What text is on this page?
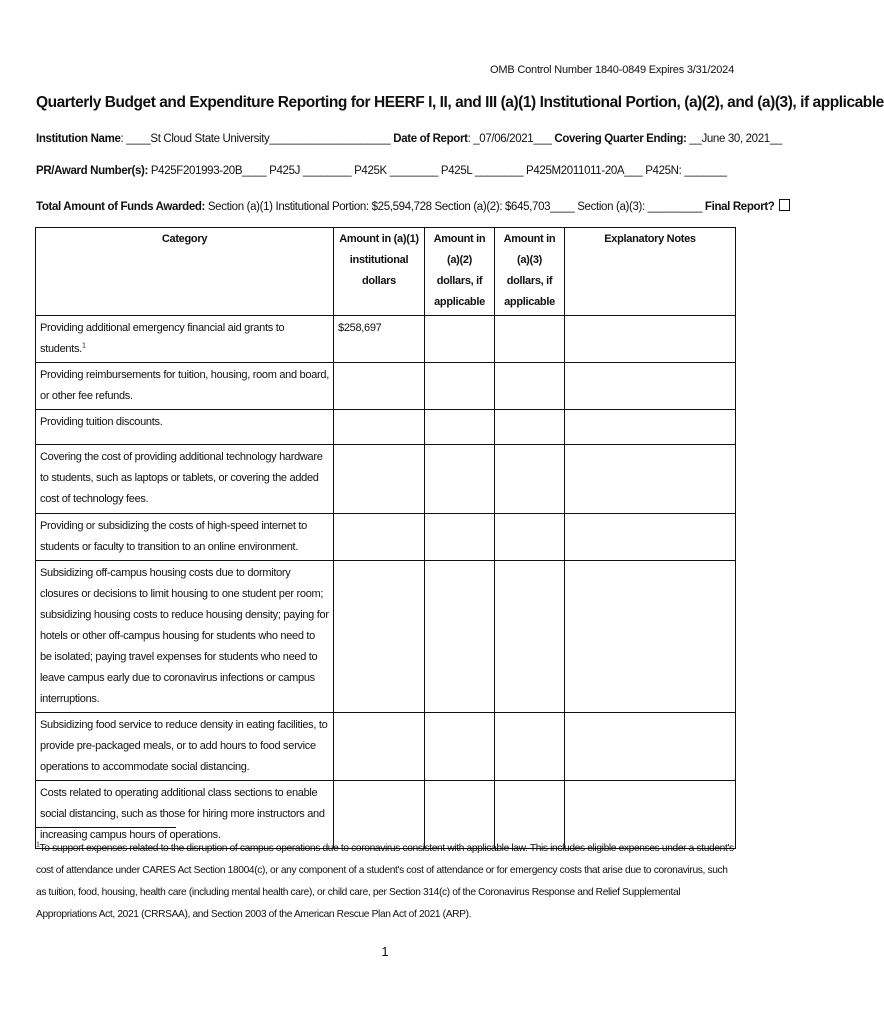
OMB Control Number 1840-0849 Expires 3/31/2024
Quarterly Budget and Expenditure Reporting for HEERF I, II, and III (a)(1) Institutional Portion, (a)(2), and (a)(3), if applicable
Institution Name: ____St Cloud State University____________________ Date of Report: _07/06/2021___ Covering Quarter Ending: __June 30, 2021__
PR/Award Number(s): P425F201993-20B____ P425J ________ P425K ________ P425L ________ P425M2011011-20A___ P425N: _______
Total Amount of Funds Awarded: Section (a)(1) Institutional Portion: $25,594,728 Section (a)(2): $645,703____ Section (a)(3): _________ Final Report?
Category	Amount in (a)(1) institutional dollars	Amount in (a)(2) dollars, if applicable	Amount in (a)(3) dollars, if applicable	Explanatory Notes
Providing additional emergency financial aid grants to students.$^1$	$258,697			
Providing reimbursements for tuition, housing, room and board, or other fee refunds.				
Providing tuition discounts.				
Covering the cost of providing additional technology hardware to students, such as laptops or tablets, or covering the added cost of technology fees.				
Providing or subsidizing the costs of high-speed internet to students or faculty to transition to an online environment.				
Subsidizing off-campus housing costs due to dormitory closures or decisions to limit housing to one student per room; subsidizing housing costs to reduce housing density; paying for hotels or other off-campus housing for students who need to be isolated; paying travel expenses for students who need to leave campus early due to coronavirus infections or campus interruptions.				
Subsidizing food service to reduce density in eating facilities, to provide pre-packaged meals, or to add hours to food service operations to accommodate social distancing.				
Costs related to operating additional class sections to enable social distancing, such as those for hiring more instructors and increasing campus hours of operations.				
$^1$To support expenses related to the disruption of campus operations due to coronavirus consistent with applicable law. This includes eligible expenses under a student's cost of attendance under CARES Act Section 18004(c), or any component of a student's cost of attendance or for emergency costs that arise due to coronavirus, such as tuition, food, housing, health care (including mental health care), or child care, per Section 314(c) of the Coronavirus Response and Relief Supplemental Appropriations Act, 2021 (CRRSAA), and Section 2003 of the American Rescue Plan Act of 2021 (ARP).
1
